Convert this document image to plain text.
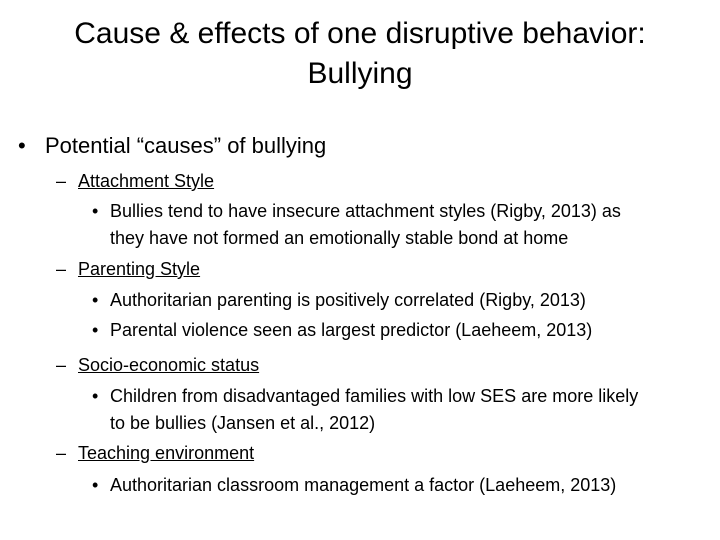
Cause & effects of one disruptive behavior:
Bullying
• Potential “causes” of bullying
– Attachment Style
• Bullies tend to have insecure attachment styles (Rigby, 2013) as
they have not formed an emotionally stable bond at home
– Parenting Style
• Authoritarian parenting is positively correlated (Rigby, 2013)
• Parental violence seen as largest predictor (Laeheem, 2013)
– Socio-economic status
• Children from disadvantaged families with low SES are more likely
to be bullies (Jansen et al., 2012)
– Teaching environment
• Authoritarian classroom management a factor (Laeheem, 2013)
